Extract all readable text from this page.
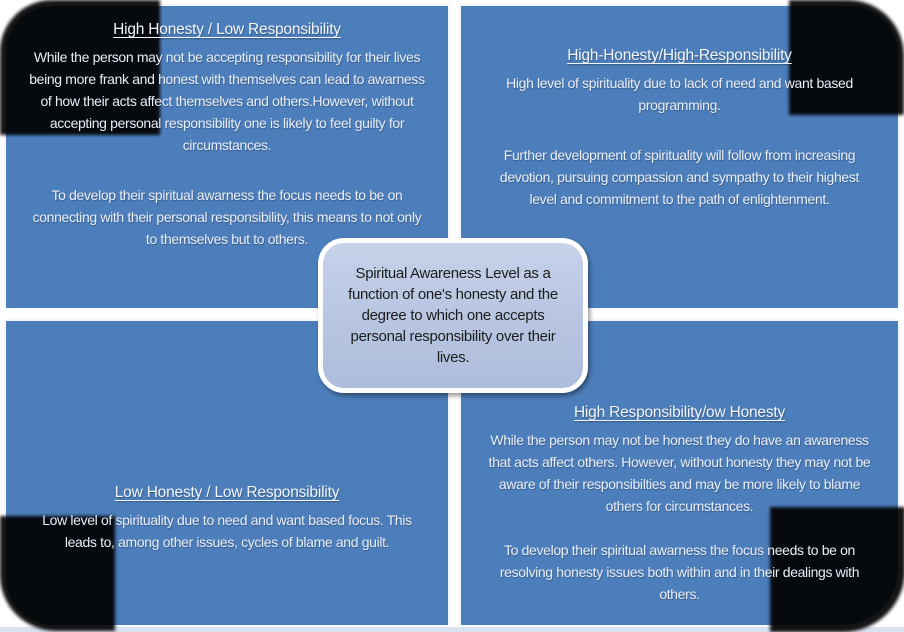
High Honesty / Low Responsibility

While the person may not be accepting responsibility for their lives being more frank and honest with themselves can lead to awarness of how their acts affect themselves and others.However, without accepting personal responsibility one is likely to feel guilty for circumstances.

To develop their spiritual awarness the focus needs to be on connecting with their personal responsibility, this means to not only to themselves but to others.

High-Honesty/High-Responsibility

High level of spirituality due to lack of need and want based programming.

Further development of spirituality will follow from increasing devotion, pursuing compassion and sympathy to their highest level and commitment to the path of enlightenment.

Low Honesty / Low Responsibility

Low level of spirituality due to need and want based focus. This leads to, among other issues, cycles of blame and guilt.

High Responsibility/ow Honesty

While the person may not be honest they do have an awareness that acts affect others. However, without honesty they may not be aware of their responsibilties and may be more likely to blame others for circumstances.

To develop their spiritual awarness the focus needs to be on resolving honesty issues both within and in their dealings with others.

Spiritual Awareness Level as a function of one's honesty and the degree to which one accepts personal responsibility over their lives.
